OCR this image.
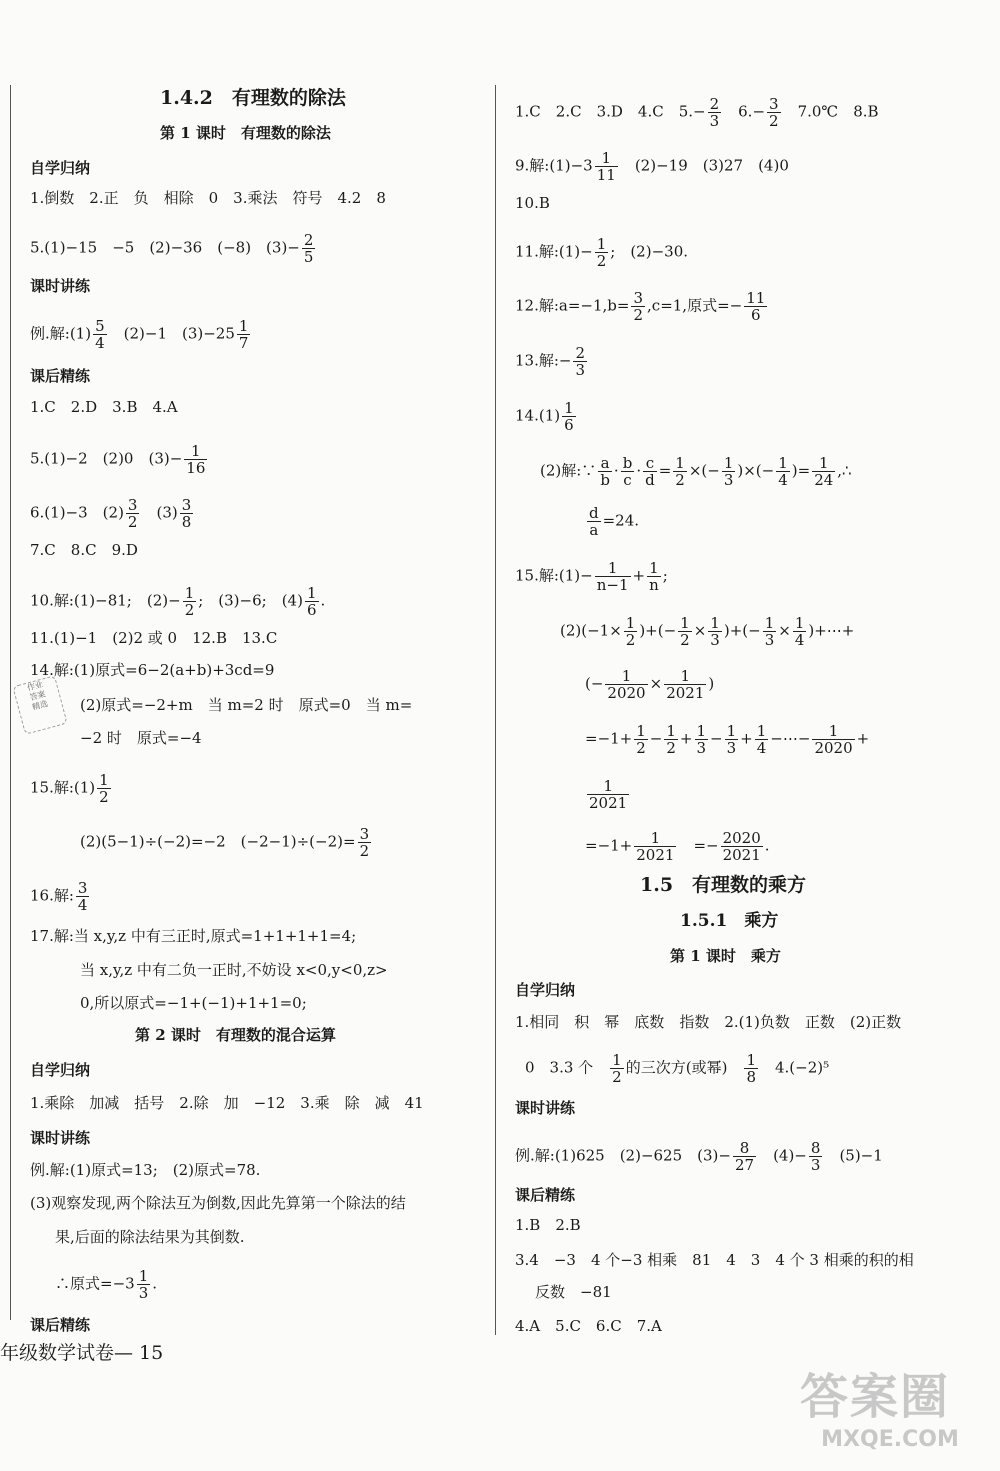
1.4.2　有理数的除法
第 1 课时　有理数的除法
自学归纳
1.倒数　2.正　负　相除　0　3.乘法　符号　4.2　8
5.(1)−15　−5　(2)−36　(−8)　$(3)- \frac{2}{5}$
课时讲练
例.解:(1) $\frac{5}{4}$ 　(2)−1　$(3)-25 \frac{1}{7}$
课后精练
1.C　2.D　3.B　4.A
5.(1)−2　(2)0　$(3)- \frac{1}{16}$
6.(1)−3　$(2) \frac{3}{2}$ 　$(3) \frac{3}{8}$
7.C　8.C　9.D
10.解:(1)−81;　$(2)- \frac{1}{2}$ ;　(3)−6;　$(4) \frac{1}{6}$ .
11.(1)−1　(2)2 或 0　12.B　13.C
14.解:(1)原式=6−2(a+b)+3cd=9
(2)原式=−2+m　当 m=2 时　原式=0　当 m=
−2 时　原式=−4
15.解:(1) $\frac{1}{2}$
(2)(5−1)÷(−2)=−2　$(-2-1)\div(-2)= \frac{3}{2}$
16.解: $\frac{3}{4}$
17.解:当 x,y,z 中有三正时,原式=1+1+1+1=4;
当 x,y,z 中有二负一正时,不妨设 x<0,y<0,z>
0,所以原式=−1+(−1)+1+1=0;
第 2 课时　有理数的混合运算
自学归纳
1.乘除　加减　括号　2.除　加　−12　3.乘　除　减　41
课时讲练
例.解:(1)原式=13;　(2)原式=78.
(3)观察发现,两个除法互为倒数,因此先算第一个除法的结
果,后面的除法结果为其倒数.
∴原式$=-3 \frac{1}{3}$ .
课后精练
1.C　2.C　3.D　4.C　$5.- \frac{2}{3}$ 　$6.- \frac{3}{2}$ 　7.0℃　8.B
9.解:(1)−3 $\frac{1}{11}$ 　(2)−19　(3)27　(4)0
10.B
11.解:(1)− $\frac{1}{2}$ ;　(2)−30.
12.解:a=−1,b= $\frac{3}{2} ,c=1$,原式=− $\frac{11}{6}$
13.解:− $\frac{2}{3}$
$14.(1) \frac{1}{6}$
(2)解:∵ $\frac{a}{b} \cdot \frac{b}{c} \cdot \frac{c}{d} = \frac{1}{2}$ ×(− $\frac{1}{3}$ )×(− $\frac{1}{4}$ )= $\frac{1}{24}$ ,∴
$\frac{d}{a} =24$.
15.解:(1)− $\frac{1}{n-1} + \frac{1}{n}$ ;
$(2)(-1\times \frac{1}{2}$ )+(− $\frac{1}{2} \times \frac{1}{3}$ )+(− $\frac{1}{3} \times \frac{1}{4}$ )+⋯+
(− $\frac{1}{2020} \times \frac{1}{2021}$ )
$=-1+ \frac{1}{2} - \frac{1}{2} + \frac{1}{3} - \frac{1}{3} + \frac{1}{4}$ −⋯− $\frac{1}{2020}$ +
$\frac{1}{2021}$
$=-1+ \frac{1}{2021}$ 　=− $\frac{2020}{2021}$ .
1.5　有理数的乘方
1.5.1　乘方
第 1 课时　乘方
自学归纳
1.相同　积　幂　底数　指数　2.(1)负数　正数　(2)正数
0　3.3 个　 $\frac{1}{2}$ 的三次方(或幂)　 $\frac{1}{8}$ 　4.(−2)⁵
课时讲练
例.解:(1)625　(2)−625　$(3)- \frac{8}{27}$ 　$(4)- \frac{8}{3}$ 　(5)−1
课后精练
1.B　2.B
3.4　−3　4 个−3 相乘　81　4　3　4 个 3 相乘的积的相
反数　−81
4.A　5.C　6.C　7.A
作业
答案
精选
年级数学试卷— 15
答案圈
MXQE.COM
